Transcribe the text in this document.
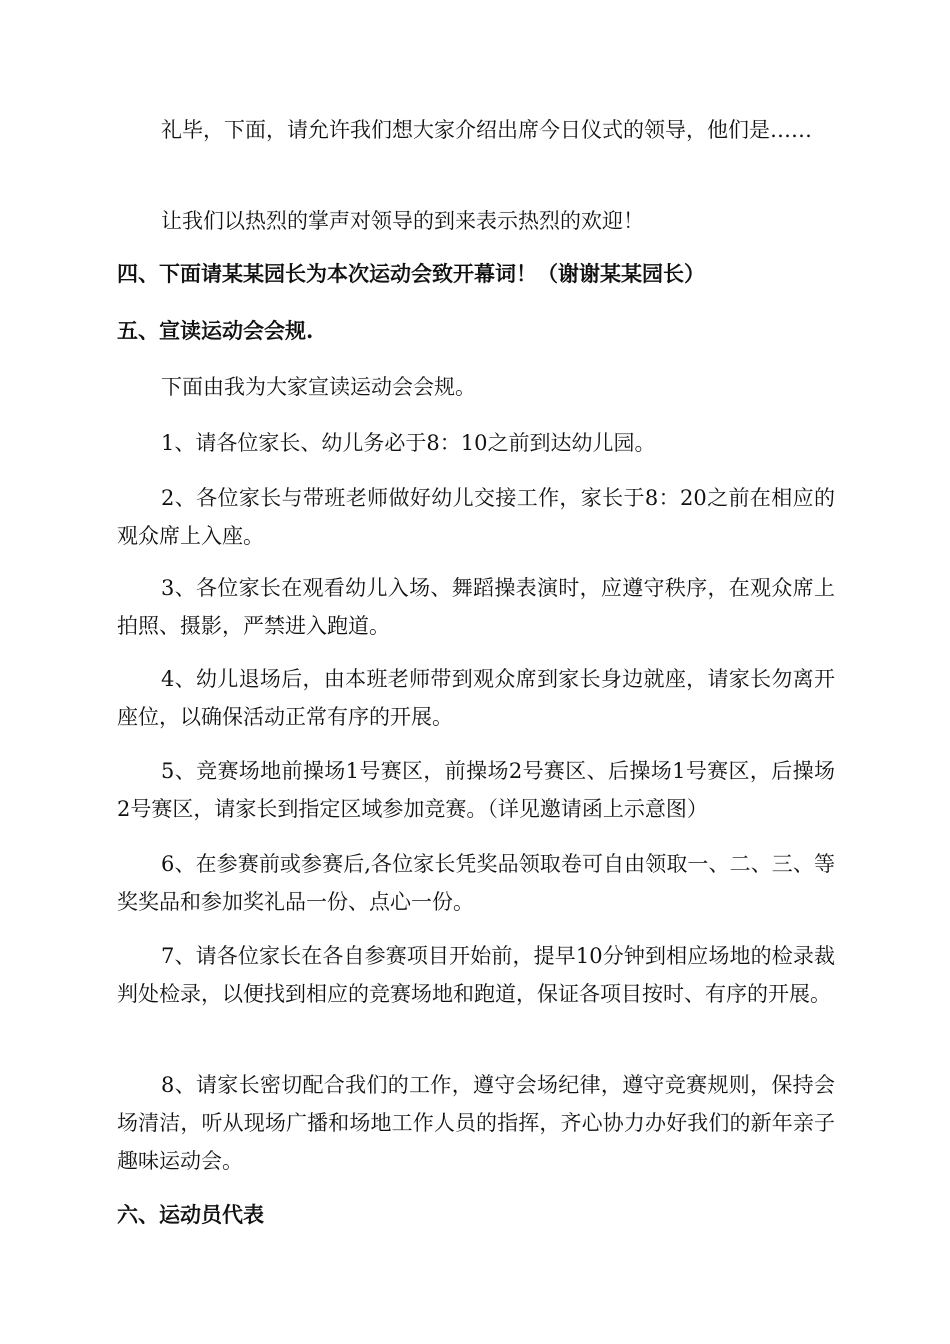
礼毕，下面，请允许我们想大家介绍出席今日仪式的领导，他们是……

让我们以热烈的掌声对领导的到来表示热烈的欢迎！

四、下面请某某园长为本次运动会致开幕词！（谢谢某某园长）

五、宣读运动会会规.

下面由我为大家宣读运动会会规。

1、请各位家长、幼儿务必于8：10之前到达幼儿园。

2、各位家长与带班老师做好幼儿交接工作，家长于8：20之前在相应的观众席上入座。

3、各位家长在观看幼儿入场、舞蹈操表演时，应遵守秩序，在观众席上拍照、摄影，严禁进入跑道。

4、幼儿退场后，由本班老师带到观众席到家长身边就座，请家长勿离开座位，以确保活动正常有序的开展。

5、竞赛场地前操场1号赛区，前操场2号赛区、后操场1号赛区，后操场2号赛区，请家长到指定区域参加竞赛。（详见邀请函上示意图）

6、在参赛前或参赛后,各位家长凭奖品领取卷可自由领取一、二、三、等奖奖品和参加奖礼品一份、点心一份。

7、请各位家长在各自参赛项目开始前，提早10分钟到相应场地的检录裁判处检录，以便找到相应的竞赛场地和跑道，保证各项目按时、有序的开展。

8、请家长密切配合我们的工作，遵守会场纪律，遵守竞赛规则，保持会场清洁，听从现场广播和场地工作人员的指挥，齐心协力办好我们的新年亲子趣味运动会。

六、运动员代表
